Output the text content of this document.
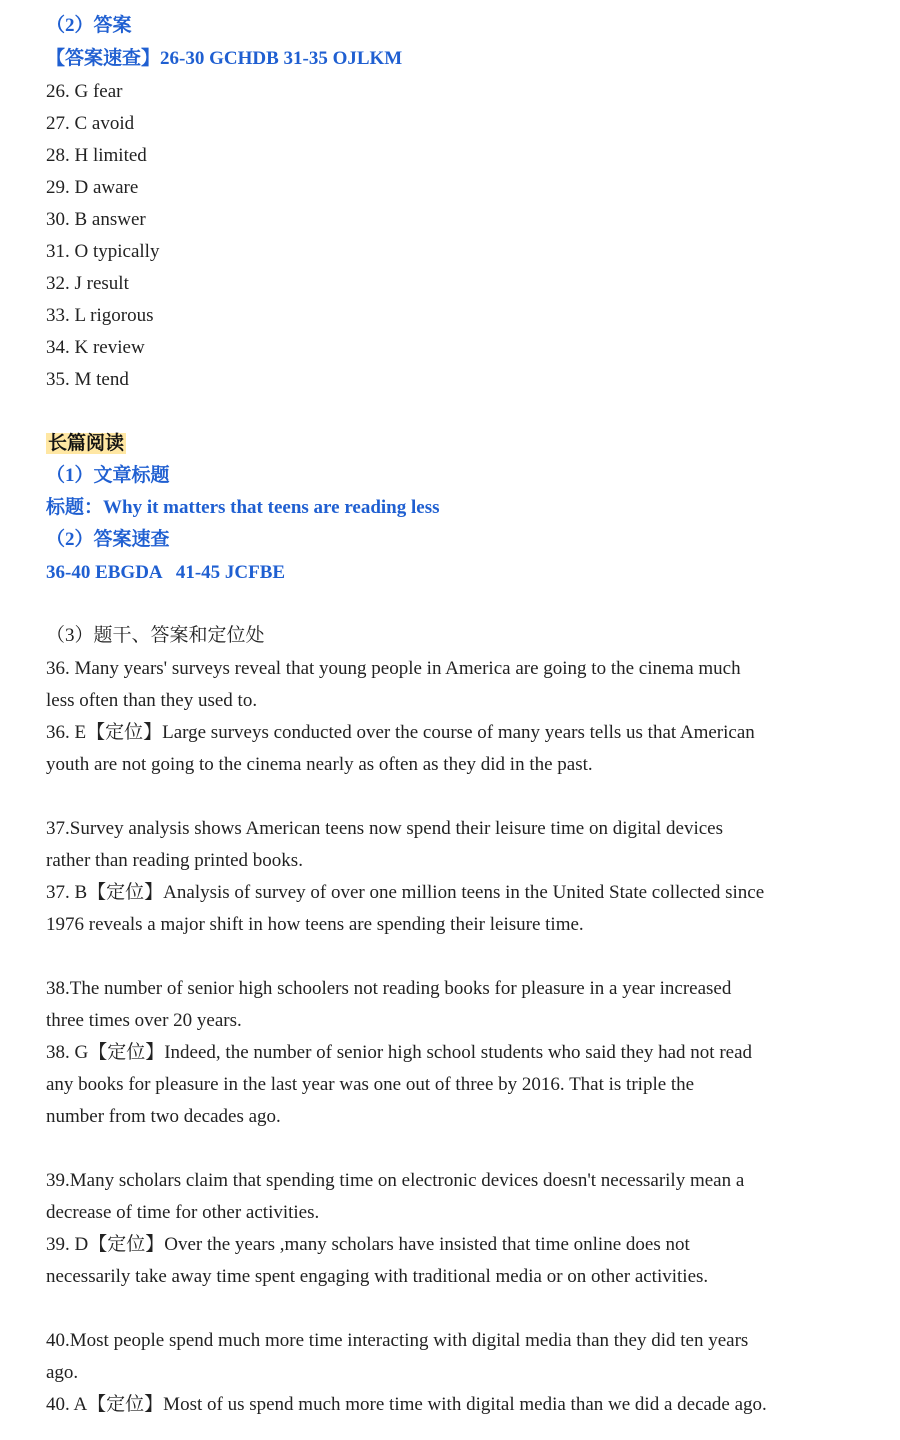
（2）答案
【答案速查】26-30 GCHDB 31-35 OJLKM
26. G fear
27. C avoid
28. H limited
29. D aware
30. B answer
31. O typically
32. J result
33. L rigorous
34. K review
35. M tend
长篇阅读
（1）文章标题
标题：Why it matters that teens are reading less
（2）答案速查
36-40 EBGDA   41-45 JCFBE
（3）题干、答案和定位处
36. Many years' surveys reveal that young people in America are going to the cinema much
less often than they used to.
36. E【定位】Large surveys conducted over the course of many years tells us that American
youth are not going to the cinema nearly as often as they did in the past.
37.Survey analysis shows American teens now spend their leisure time on digital devices
rather than reading printed books.
37. B【定位】Analysis of survey of over one million teens in the United State collected since
1976 reveals a major shift in how teens are spending their leisure time.
38.The number of senior high schoolers not reading books for pleasure in a year increased
three times over 20 years.
38. G【定位】Indeed, the number of senior high school students who said they had not read
any books for pleasure in the last year was one out of three by 2016. That is triple the
number from two decades ago.
39.Many scholars claim that spending time on electronic devices doesn't necessarily mean a
decrease of time for other activities.
39. D【定位】Over the years ,many scholars have insisted that time online does not
necessarily take away time spent engaging with traditional media or on other activities.
40.Most people spend much more time interacting with digital media than they did ten years
ago.
40. A【定位】Most of us spend much more time with digital media than we did a decade ago.
